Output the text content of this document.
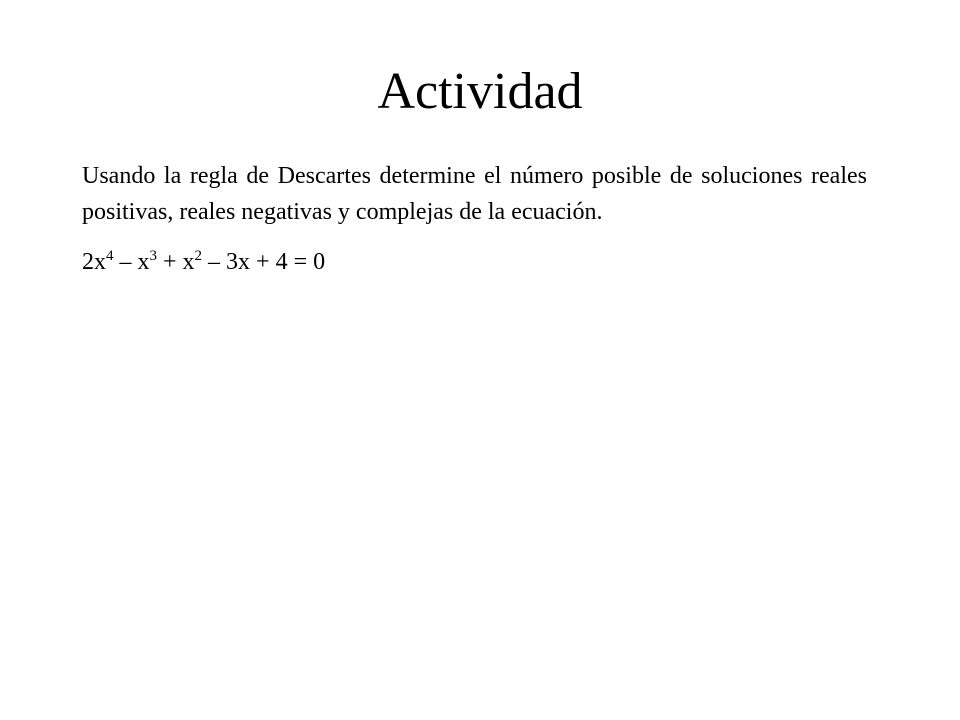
Actividad

Usando la regla de Descartes determine el número posible de soluciones reales positivas, reales negativas y complejas de la ecuación.

$2x^4 - x^3 + x^2 - 3x + 4 = 0$
